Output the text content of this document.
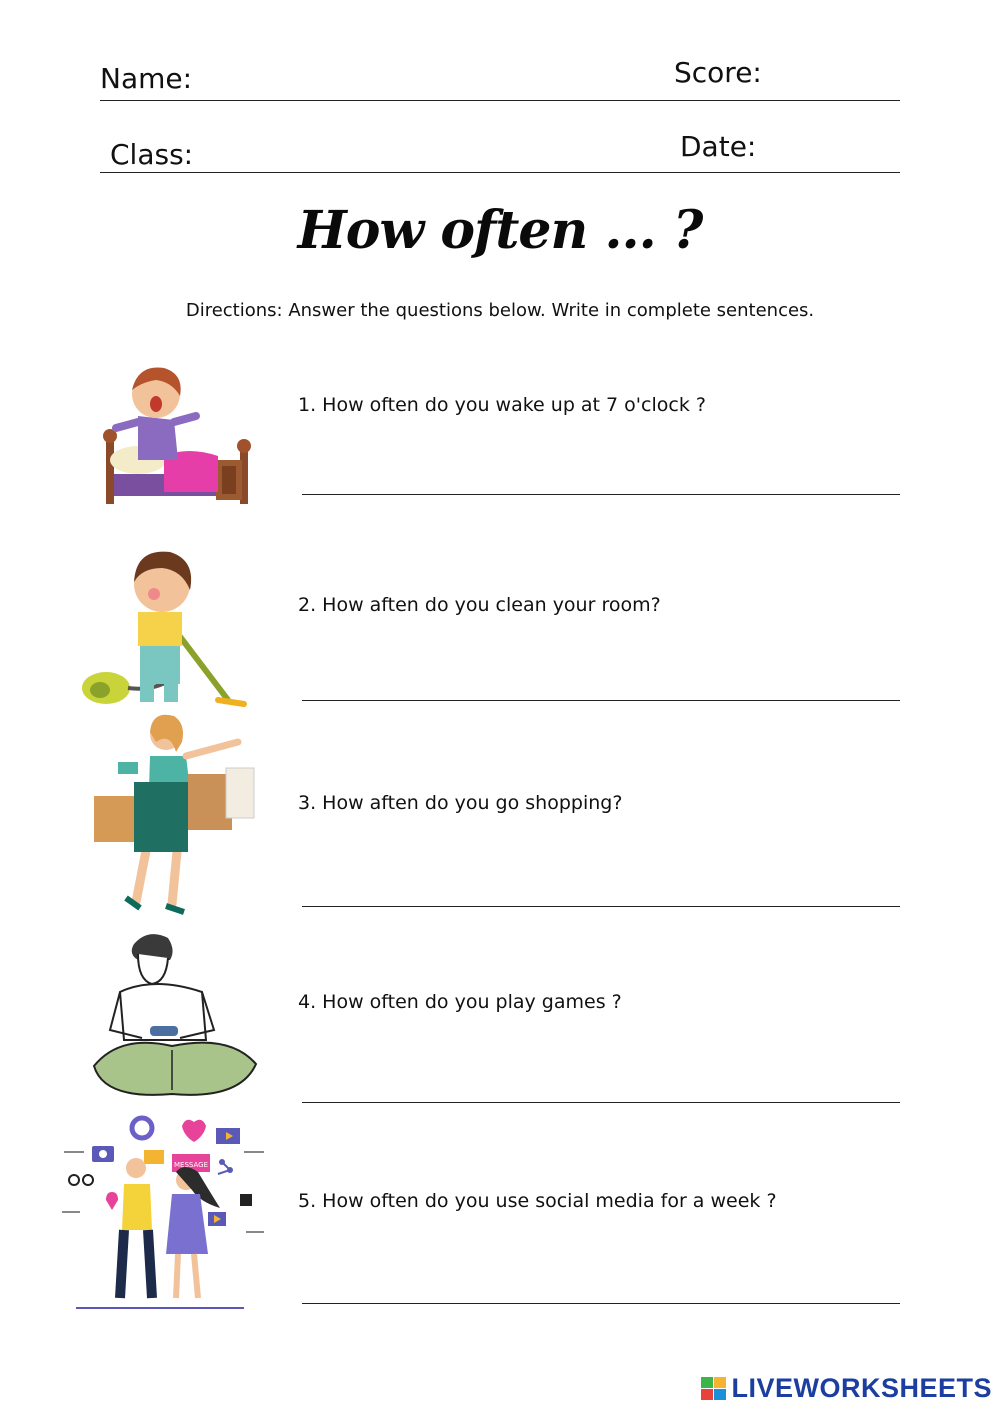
Name:	Score:
Class:	Date:
How often ... ?
Directions: Answer the questions below. Write in complete sentences.
1. How often do you wake up at 7 o'clock ?
2. How aften do you clean your room?
3. How aften do you go shopping?
4. How often do you play games ?
5. How often do you use social media for a week ?
MESSAGE
LIVEWORKSHEETS
